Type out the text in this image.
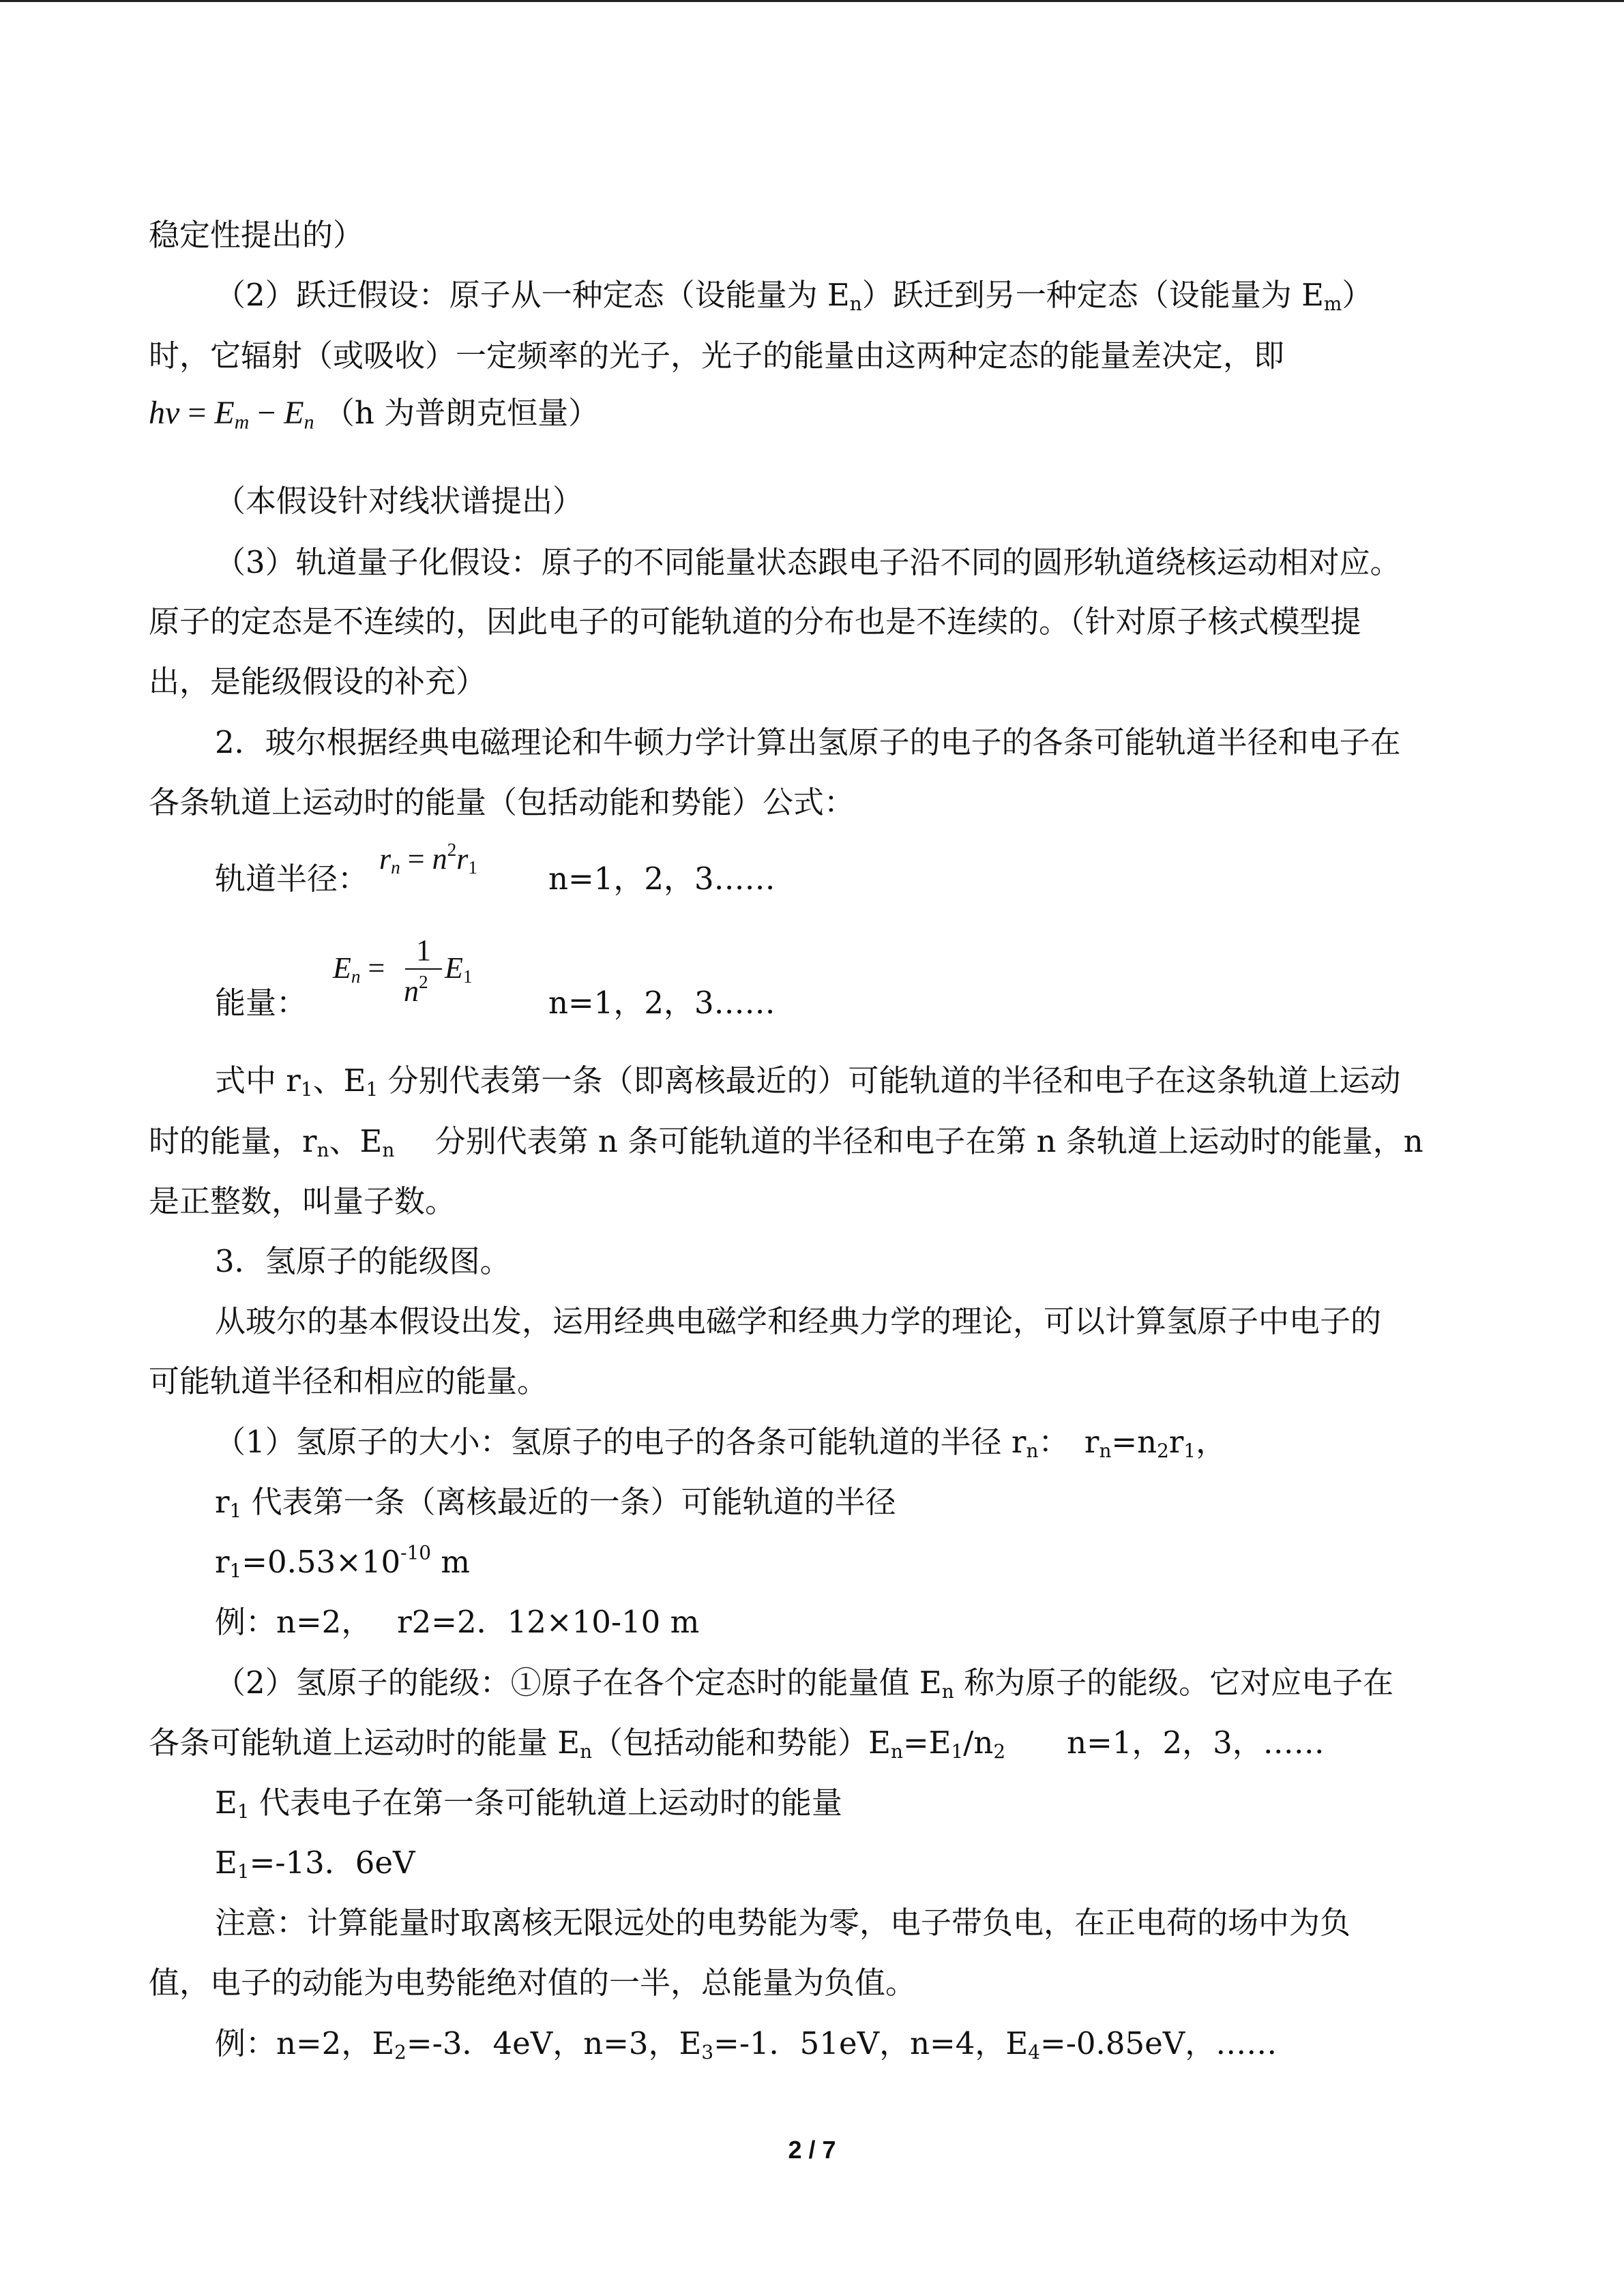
稳定性提出的）
（2）跃迁假设：原子从一种定态（设能量为 $E_n$）跃迁到另一种定态（设能量为 $E_m$）
时，它辐射（或吸收）一定频率的光子，光子的能量由这两种定态的能量差决定，即
$h\nu = E_m - E_n$ （h 为普朗克恒量）
（本假设针对线状谱提出）
（3）轨道量子化假设：原子的不同能量状态跟电子沿不同的圆形轨道绕核运动相对应。
原子的定态是不连续的，因此电子的可能轨道的分布也是不连续的。（针对原子核式模型提
出，是能级假设的补充）
2．玻尔根据经典电磁理论和牛顿力学计算出氢原子的电子的各条可能轨道半径和电子在
各条轨道上运动时的能量（包括动能和势能）公式：
轨道半径：
$r_n = n^2r_1$ n=1，2，3……
能量：
$E_n$ =
1
$n^2$ $E_1$
n=1，2，3……
式中 $r_1$、$E_1$ 分别代表第一条（即离核最近的）可能轨道的半径和电子在这条轨道上运动
时的能量，$r_n$、$E_n$　 分别代表第 n 条可能轨道的半径和电子在第 n 条轨道上运动时的能量，n
是正整数，叫量子数。
3．氢原子的能级图。
从玻尔的基本假设出发，运用经典电磁学和经典力学的理论，可以计算氢原子中电子的
可能轨道半径和相应的能量。
（1）氢原子的大小：氢原子的电子的各条可能轨道的半径 $r_n$：　$r_n=n_2r_1$，
$r_1$ 代表第一条（离核最近的一条）可能轨道的半径
$r_1=0.53\times 10^{-10}$ m
例：n=2，　 r2=2．12×10-10 m
（2）氢原子的能级：①原子在各个定态时的能量值 $E_n$ 称为原子的能级。它对应电子在
各条可能轨道上运动时的能量 $E_n$（包括动能和势能）$E_n=E_1/n_2$　　n=1，2，3，……
$E_1$ 代表电子在第一条可能轨道上运动时的能量
$E_1=-13$．6eV
注意：计算能量时取离核无限远处的电势能为零，电子带负电，在正电荷的场中为负
值，电子的动能为电势能绝对值的一半，总能量为负值。
例：n=2，$E_2=-3$．4eV，n=3，$E_3=-1$．51eV，n=4，$E_4=-0.85eV$，……
2 / 7
